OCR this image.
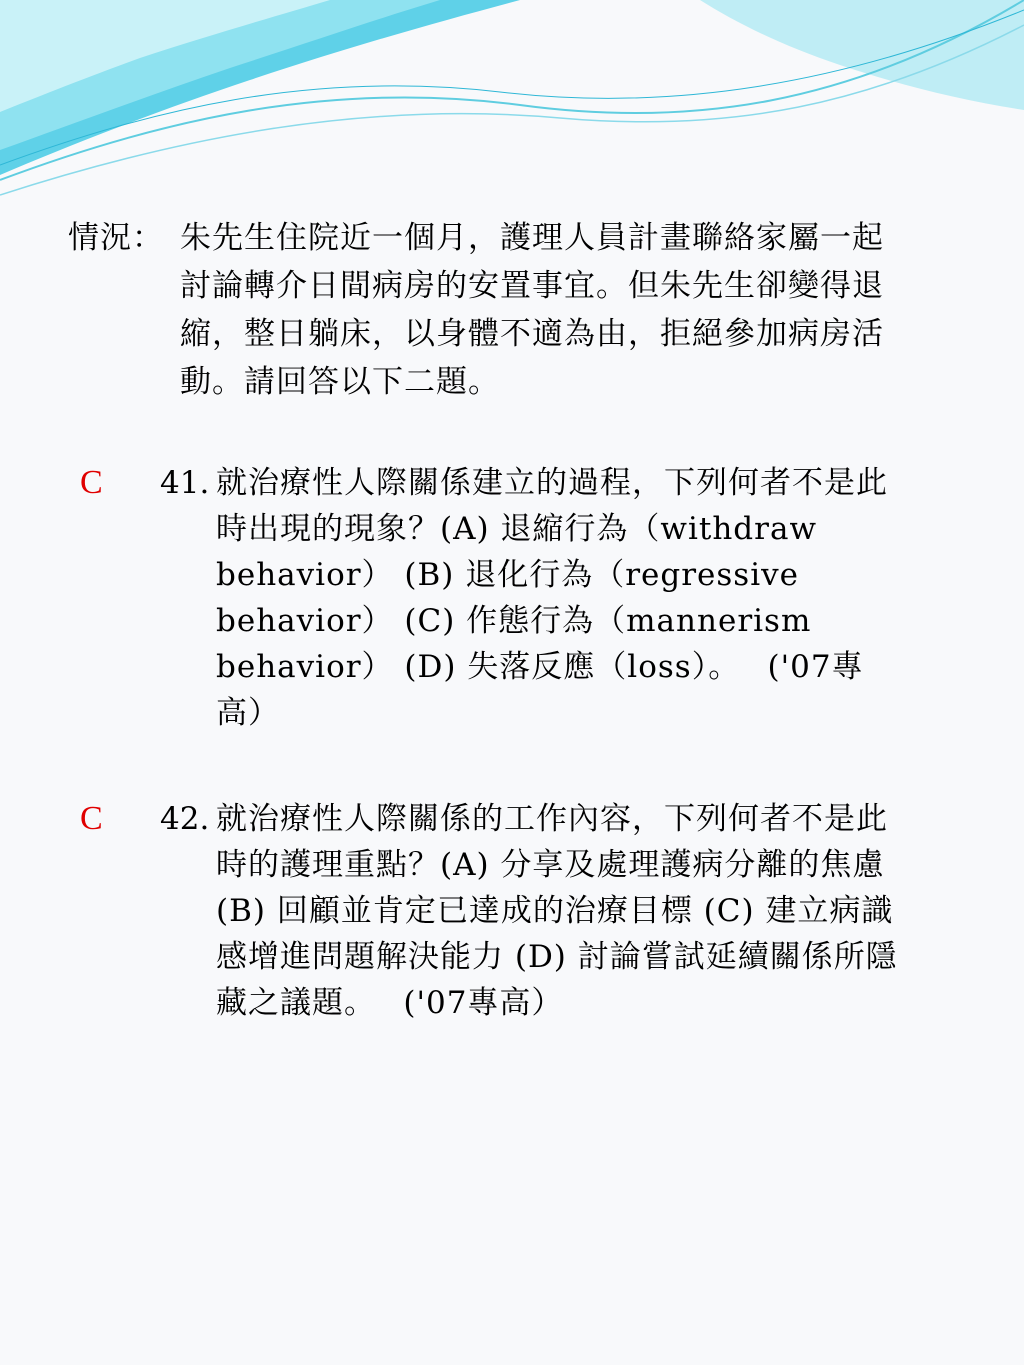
情況： 朱先生住院近一個月，護理人員計畫聯絡家屬一起討論轉介日間病房的安置事宜。但朱先生卻變得退縮，整日躺床，以身體不適為由，拒絕參加病房活動。請回答以下二題。
C 41. 就治療性人際關係建立的過程，下列何者不是此時出現的現象？(A) 退縮行為（withdraw behavior） (B) 退化行為（regressive behavior） (C) 作態行為（mannerism behavior） (D) 失落反應（loss）。　 ('07專高）
C 42. 就治療性人際關係的工作內容，下列何者不是此時的護理重點？(A) 分享及處理護病分離的焦慮 (B) 回顧並肯定已達成的治療目標 (C) 建立病識感增進問題解決能力 (D) 討論嘗試延續關係所隱藏之議題。　 ('07專高）
